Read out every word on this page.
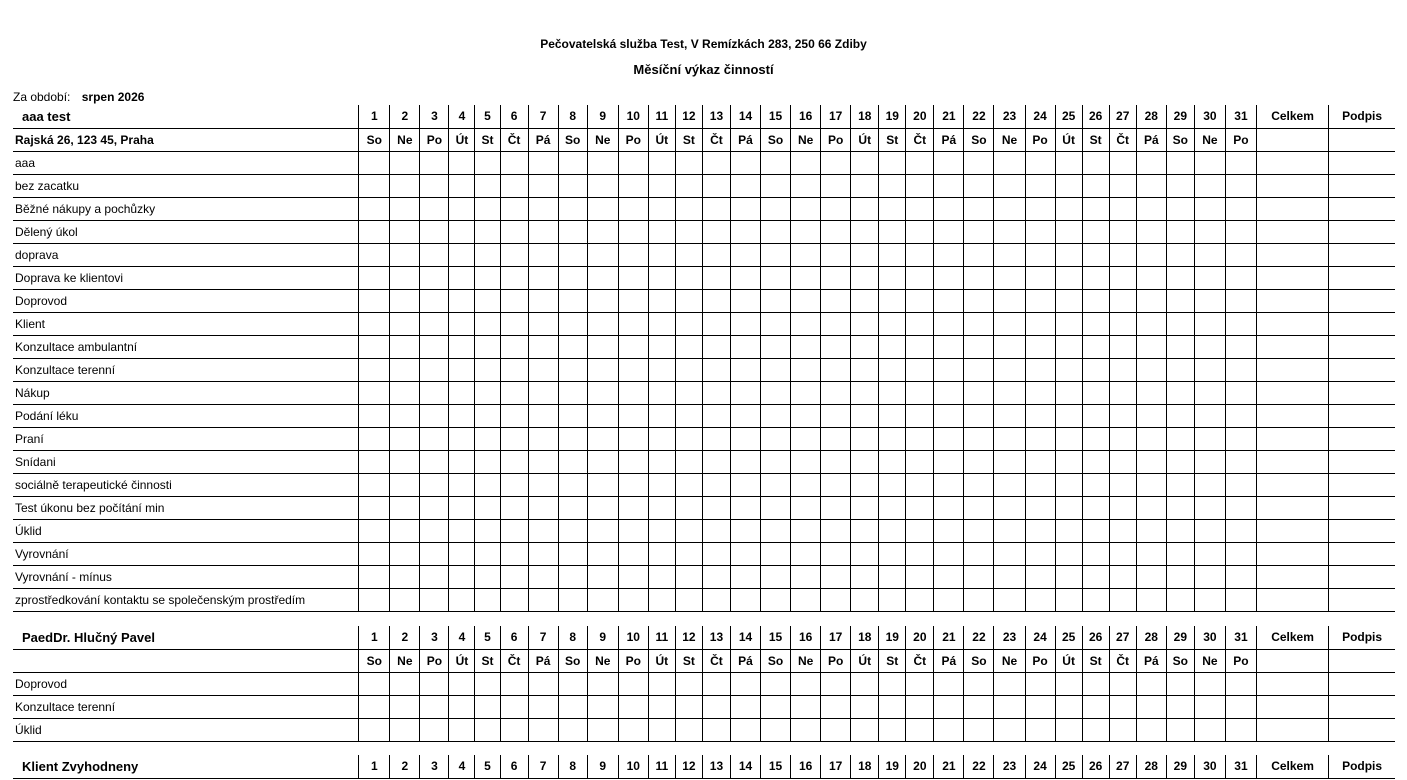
Pečovatelská služba Test, V Remízkách 283, 250 66 Zdiby
Měsíční výkaz činností
Za období: srpen 2026
aaa test	1	2	3	4	5	6	7	8	9	10	11	12	13	14	15	16	17	18	19	20	21	22	23	24	25	26	27	28	29	30	31	Celkem	Podpis
Rajská 26, 123 45, Praha	So	Ne	Po	Út	St	Čt	Pá	So	Ne	Po	Út	St	Čt	Pá	So	Ne	Po	Út	St	Čt	Pá	So	Ne	Po	Út	St	Čt	Pá	So	Ne	Po		
aaa																																	
bez zacatku																																	
Běžné nákupy a pochůzky																																	
Dělený úkol																																	
doprava																																	
Doprava ke klientovi																																	
Doprovod																																	
Klient																																	
Konzultace ambulantní																																	
Konzultace terenní																																	
Nákup																																	
Podání léku																																	
Praní																																	
Snídani																																	
sociálně terapeutické činnosti																																	
Test úkonu bez počítání min																																	
Úklid																																	
Vyrovnání																																	
Vyrovnání - mínus																																	
zprostředkování kontaktu se společenským prostředím																																	
PaedDr. Hlučný Pavel	1	2	3	4	5	6	7	8	9	10	11	12	13	14	15	16	17	18	19	20	21	22	23	24	25	26	27	28	29	30	31	Celkem	Podpis
	So	Ne	Po	Út	St	Čt	Pá	So	Ne	Po	Út	St	Čt	Pá	So	Ne	Po	Út	St	Čt	Pá	So	Ne	Po	Út	St	Čt	Pá	So	Ne	Po		
Doprovod																																	
Konzultace terenní																																	
Úklid																																	
Klient Zvyhodneny	1	2	3	4	5	6	7	8	9	10	11	12	13	14	15	16	17	18	19	20	21	22	23	24	25	26	27	28	29	30	31	Celkem	Podpis
